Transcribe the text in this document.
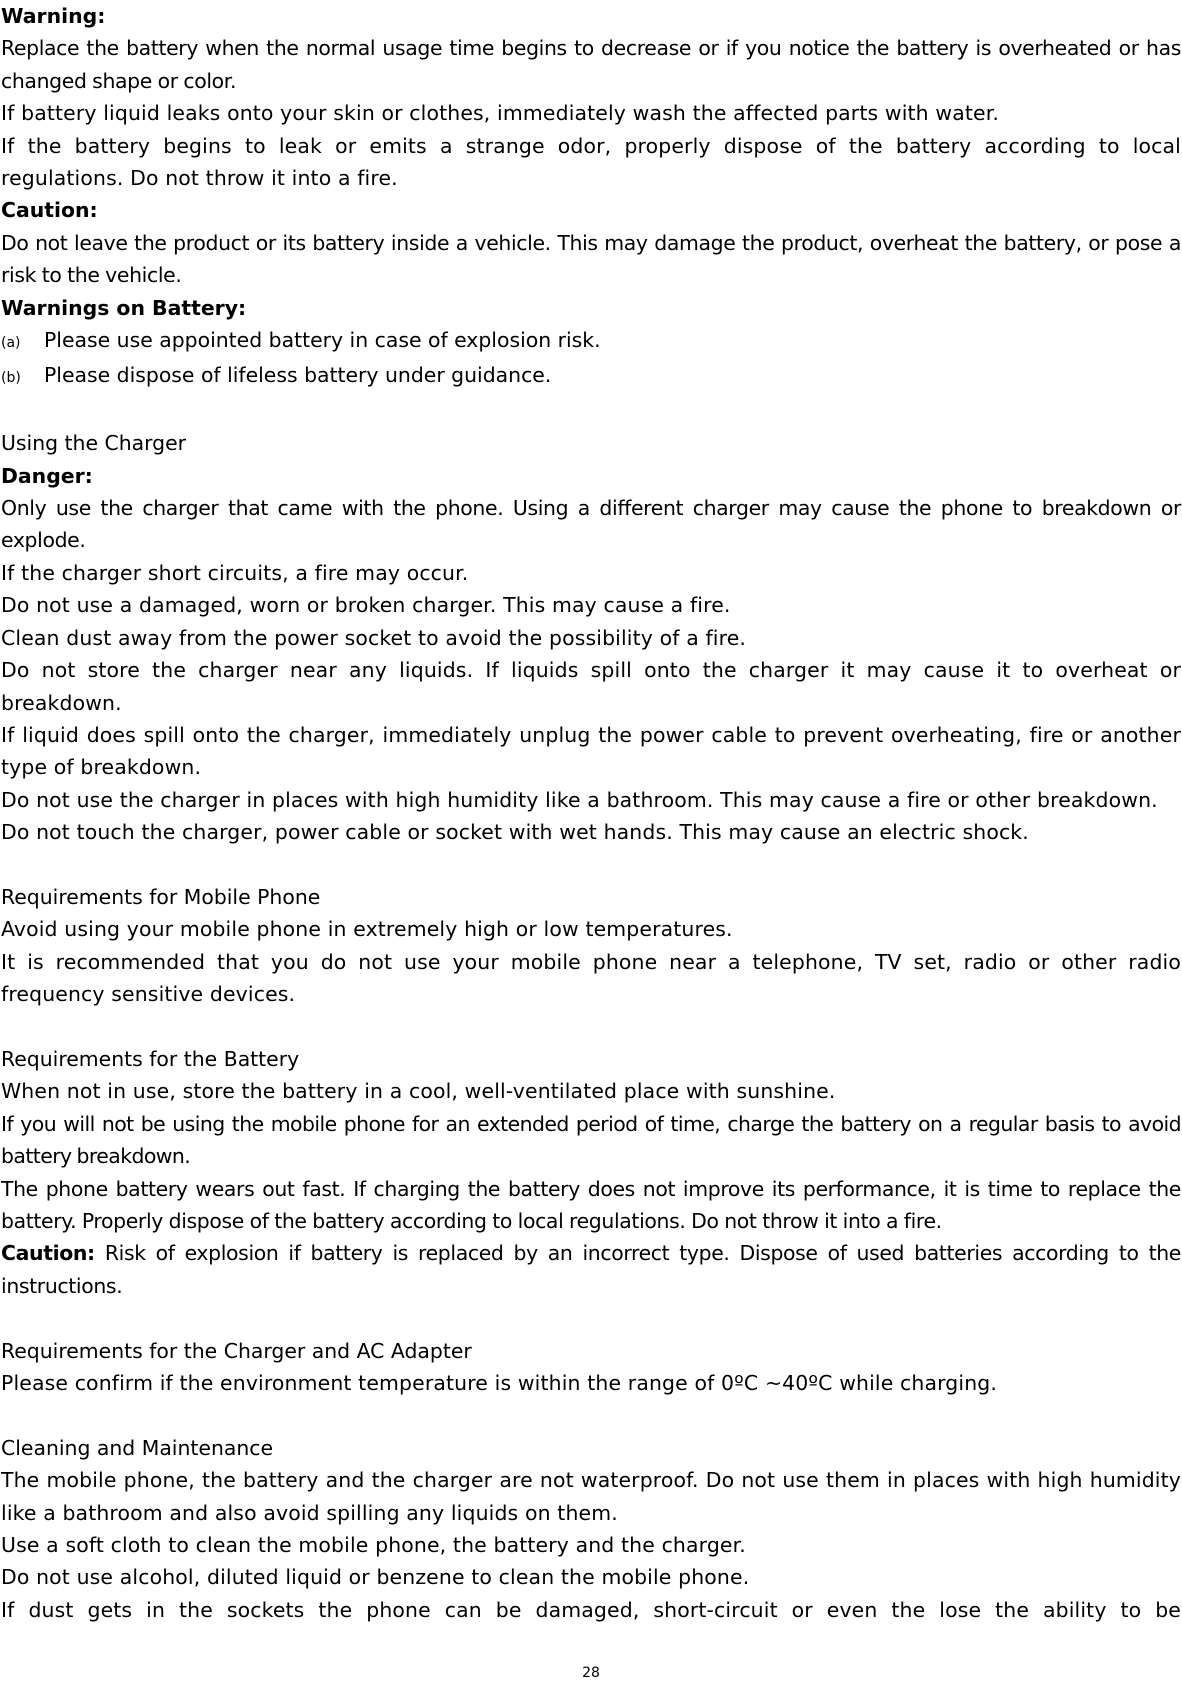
Warning:

Replace the battery when the normal usage time begins to decrease or if you notice the battery is overheated or has changed shape or color.

If battery liquid leaks onto your skin or clothes, immediately wash the affected parts with water.

If the battery begins to leak or emits a strange odor, properly dispose of the battery according to local regulations. Do not throw it into a fire.

Caution:

Do not leave the product or its battery inside a vehicle. This may damage the product, overheat the battery, or pose a risk to the vehicle.

Warnings on Battery:

(a)	Please use appointed battery in case of explosion risk.
(b)	Please dispose of lifeless battery under guidance.

Using the Charger

Danger:

Only use the charger that came with the phone. Using a different charger may cause the phone to breakdown or explode.

If the charger short circuits, a fire may occur.

Do not use a damaged, worn or broken charger. This may cause a fire.

Clean dust away from the power socket to avoid the possibility of a fire.

Do not store the charger near any liquids. If liquids spill onto the charger it may cause it to overheat or breakdown.

If liquid does spill onto the charger, immediately unplug the power cable to prevent overheating, fire or another type of breakdown.

Do not use the charger in places with high humidity like a bathroom. This may cause a fire or other breakdown.

Do not touch the charger, power cable or socket with wet hands. This may cause an electric shock.

Requirements for Mobile Phone

Avoid using your mobile phone in extremely high or low temperatures.

It is recommended that you do not use your mobile phone near a telephone, TV set, radio or other radio frequency sensitive devices.

Requirements for the Battery

When not in use, store the battery in a cool, well-ventilated place with sunshine.

If you will not be using the mobile phone for an extended period of time, charge the battery on a regular basis to avoid battery breakdown.

The phone battery wears out fast. If charging the battery does not improve its performance, it is time to replace the battery. Properly dispose of the battery according to local regulations. Do not throw it into a fire.

Caution: Risk of explosion if battery is replaced by an incorrect type. Dispose of used batteries according to the instructions.

Requirements for the Charger and AC Adapter

Please confirm if the environment temperature is within the range of 0ºC ~40ºC while charging.

Cleaning and Maintenance

The mobile phone, the battery and the charger are not waterproof. Do not use them in places with high humidity like a bathroom and also avoid spilling any liquids on them.

Use a soft cloth to clean the mobile phone, the battery and the charger.

Do not use alcohol, diluted liquid or benzene to clean the mobile phone.

If dust gets in the sockets the phone can be damaged, short-circuit or even the lose the ability to be

28
